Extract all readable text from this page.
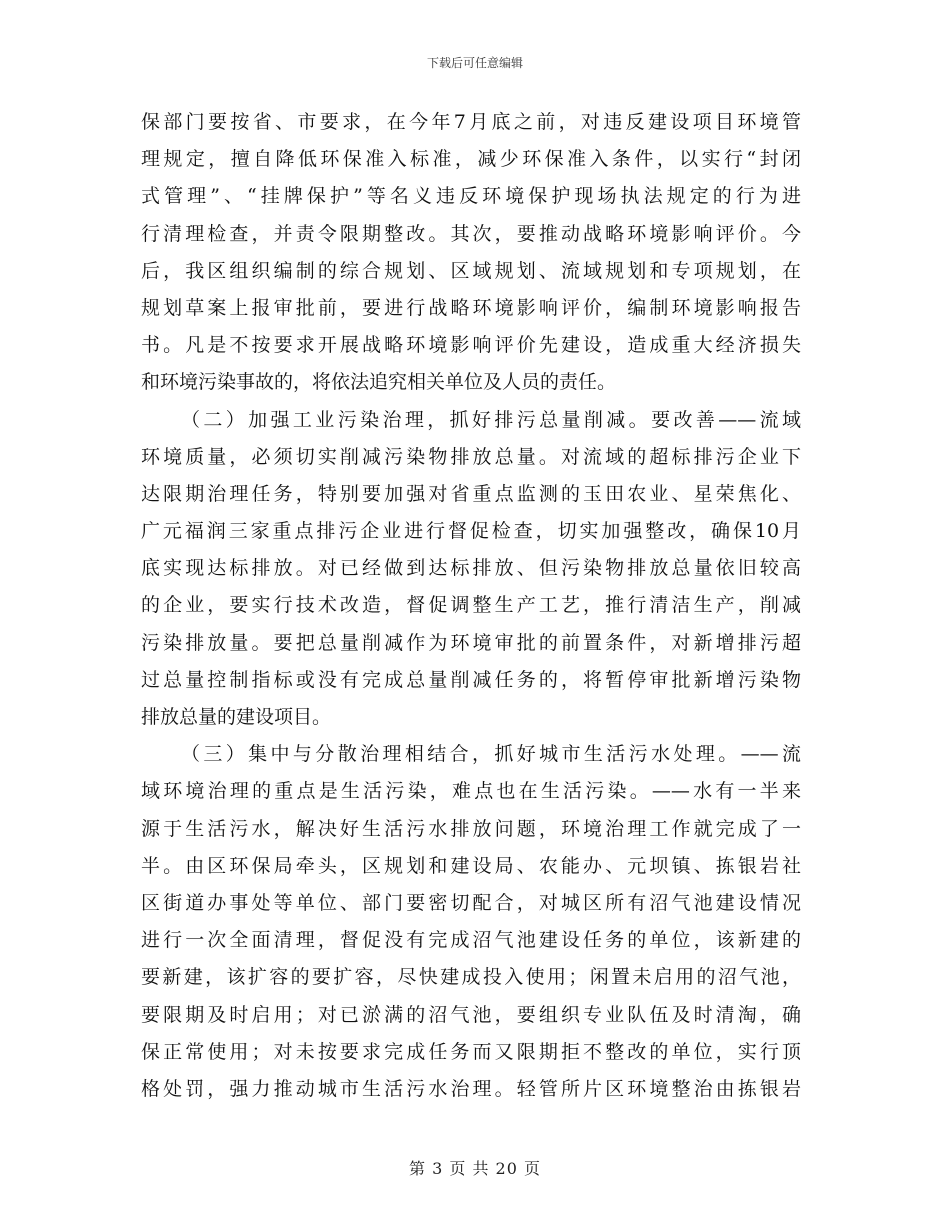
下载后可任意编辑
保部门要按省、市要求，在今年7月底之前，对违反建设项目环境管
理规定，擅自降低环保准入标准，减少环保准入条件，以实行“封闭
式管理”、“挂牌保护”等名义违反环境保护现场执法规定的行为进
行清理检查，并责令限期整改。其次，要推动战略环境影响评价。今
后，我区组织编制的综合规划、区域规划、流域规划和专项规划，在
规划草案上报审批前，要进行战略环境影响评价，编制环境影响报告
书。凡是不按要求开展战略环境影响评价先建设，造成重大经济损失
和环境污染事故的，将依法追究相关单位及人员的责任。
（二）加强工业污染治理，抓好排污总量削减。要改善——流域
环境质量，必须切实削减污染物排放总量。对流域的超标排污企业下
达限期治理任务，特别要加强对省重点监测的玉田农业、星荣焦化、
广元福润三家重点排污企业进行督促检查，切实加强整改，确保10月
底实现达标排放。对已经做到达标排放、但污染物排放总量依旧较高
的企业，要实行技术改造，督促调整生产工艺，推行清洁生产，削减
污染排放量。要把总量削减作为环境审批的前置条件，对新增排污超
过总量控制指标或没有完成总量削减任务的，将暂停审批新增污染物
排放总量的建设项目。
（三）集中与分散治理相结合，抓好城市生活污水处理。——流
域环境治理的重点是生活污染，难点也在生活污染。——水有一半来
源于生活污水，解决好生活污水排放问题，环境治理工作就完成了一
半。由区环保局牵头，区规划和建设局、农能办、元坝镇、拣银岩社
区街道办事处等单位、部门要密切配合，对城区所有沼气池建设情况
进行一次全面清理，督促没有完成沼气池建设任务的单位，该新建的
要新建，该扩容的要扩容，尽快建成投入使用；闲置未启用的沼气池，
要限期及时启用；对已淤满的沼气池，要组织专业队伍及时清淘，确
保正常使用；对未按要求完成任务而又限期拒不整改的单位，实行顶
格处罚，强力推动城市生活污水治理。轻管所片区环境整治由拣银岩
第 3 页 共 20 页
